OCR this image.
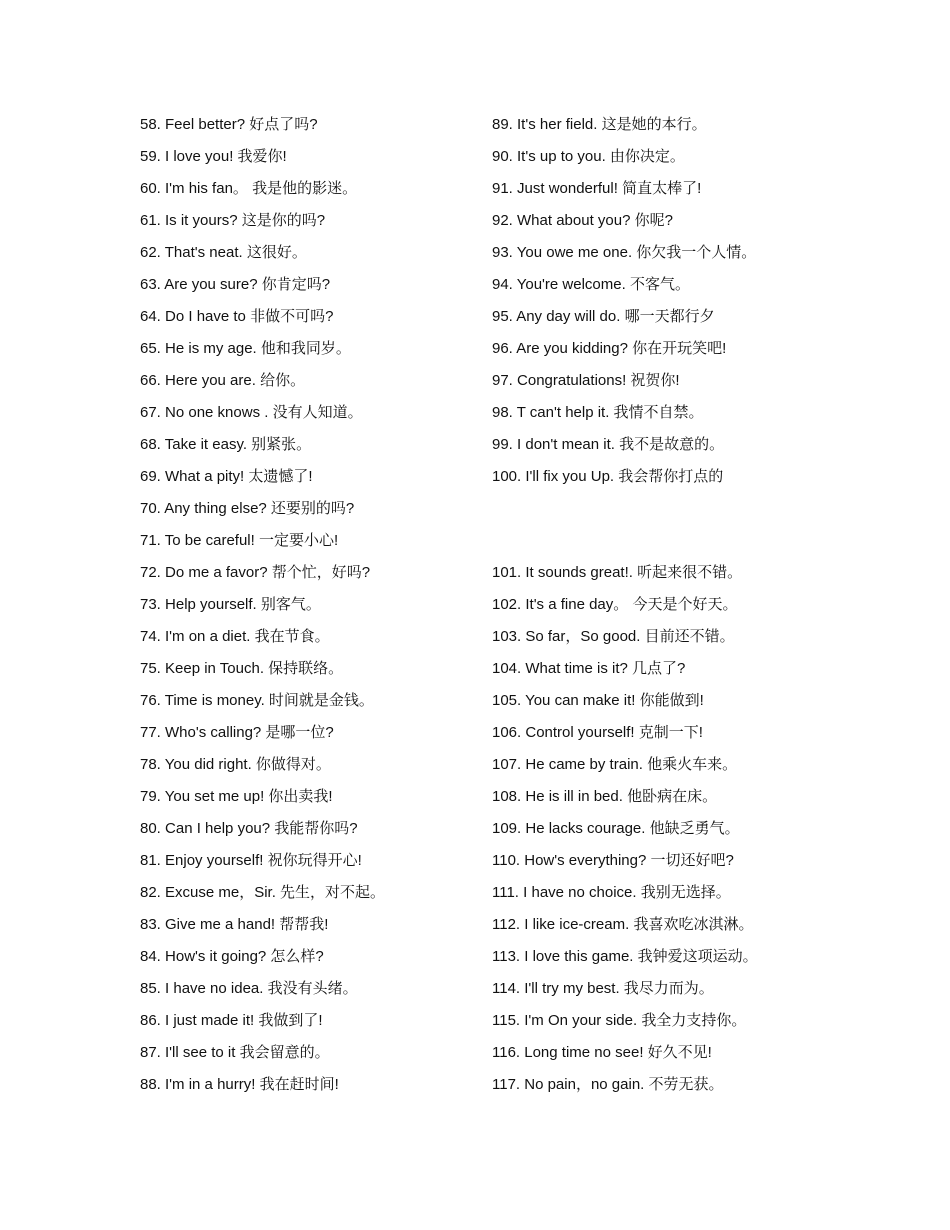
58. Feel better? 好点了吗?
59. I love you! 我爱你!
60. I'm his fan。 我是他的影迷。
61. Is it yours? 这是你的吗?
62. That's neat. 这很好。
63. Are you sure? 你肯定吗?
64. Do I have to 非做不可吗?
65. He is my age. 他和我同岁。
66. Here you are. 给你。
67. No one knows . 没有人知道。
68. Take it easy. 别紧张。
69. What a pity! 太遗憾了!
70. Any thing else? 还要别的吗?
71. To be careful! 一定要小心!
72. Do me a favor? 帮个忙，好吗?
73. Help yourself. 别客气。
74. I'm on a diet. 我在节食。
75. Keep in Touch. 保持联络。
76. Time is money. 时间就是金钱。
77. Who's calling? 是哪一位?
78. You did right. 你做得对。
79. You set me up! 你出卖我!
80. Can I help you? 我能帮你吗?
81. Enjoy yourself! 祝你玩得开心!
82. Excuse me，Sir. 先生，对不起。
83. Give me a hand! 帮帮我!
84. How's it going? 怎么样?
85. I have no idea. 我没有头绪。
86. I just made it! 我做到了!
87. I'll see to it 我会留意的。
88. I'm in a hurry! 我在赶时间!
89. It's her field. 这是她的本行。
90. It's up to you. 由你决定。
91. Just wonderful! 简直太棒了!
92. What about you? 你呢?
93. You owe me one. 你欠我一个人情。
94. You're welcome. 不客气。
95. Any day will do. 哪一天都行夕
96. Are you kidding? 你在开玩笑吧!
97. Congratulations! 祝贺你!
98. T can't help it. 我情不自禁。
99. I don't mean it. 我不是故意的。
100. I'll fix you Up. 我会帮你打点的
101. It sounds great!. 听起来很不错。
102. It's a fine day。 今天是个好天。
103. So far，So good. 目前还不错。
104. What time is it? 几点了?
105. You can make it! 你能做到!
106. Control yourself! 克制一下!
107. He came by train. 他乘火车来。
108. He is ill in bed. 他卧病在床。
109. He lacks courage. 他缺乏勇气。
110. How's everything? 一切还好吧?
111. I have no choice. 我别无选择。
112. I like ice-cream. 我喜欢吃冰淇淋。
113. I love this game. 我钟爱这项运动。
114. I'll try my best. 我尽力而为。
115. I'm On your side. 我全力支持你。
116. Long time no see! 好久不见!
117. No pain，no gain. 不劳无获。
